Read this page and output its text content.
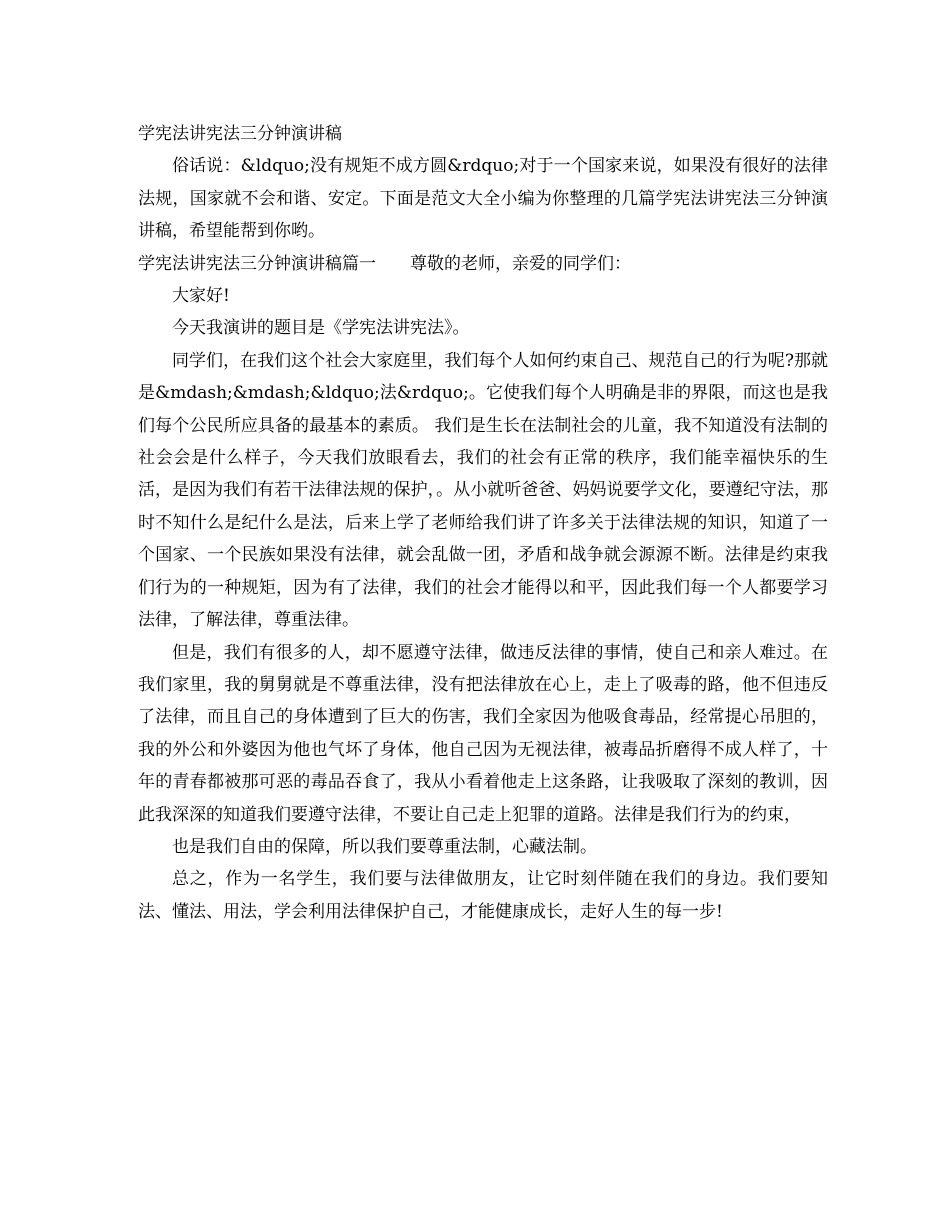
学宪法讲宪法三分钟演讲稿

俗话说：&ldquo;没有规矩不成方圆&rdquo;对于一个国家来说，如果没有很好的法律法规，国家就不会和谐、安定。下面是范文大全小编为你整理的几篇学宪法讲宪法三分钟演讲稿，希望能帮到你哟。

学宪法讲宪法三分钟演讲稿篇一 尊敬的老师，亲爱的同学们：

大家好!

今天我演讲的题目是《学宪法讲宪法》。

同学们，在我们这个社会大家庭里，我们每个人如何约束自己、规范自己的行为呢?那就是&mdash;&mdash;&ldquo;法&rdquo;。它使我们每个人明确是非的界限，而这也是我们每个公民所应具备的最基本的素质。 我们是生长在法制社会的儿童，我不知道没有法制的社会会是什么样子，今天我们放眼看去，我们的社会有正常的秩序，我们能幸福快乐的生活，是因为我们有若干法律法规的保护，。从小就听爸爸、妈妈说要学文化，要遵纪守法，那时不知什么是纪什么是法，后来上学了老师给我们讲了许多关于法律法规的知识，知道了一个国家、一个民族如果没有法律，就会乱做一团，矛盾和战争就会源源不断。法律是约束我们行为的一种规矩，因为有了法律，我们的社会才能得以和平，因此我们每一个人都要学习法律，了解法律，尊重法律。

但是，我们有很多的人，却不愿遵守法律，做违反法律的事情，使自己和亲人难过。在我们家里，我的舅舅就是不尊重法律，没有把法律放在心上，走上了吸毒的路，他不但违反了法律，而且自己的身体遭到了巨大的伤害，我们全家因为他吸食毒品，经常提心吊胆的，我的外公和外婆因为他也气坏了身体，他自己因为无视法律，被毒品折磨得不成人样了，十年的青春都被那可恶的毒品吞食了，我从小看着他走上这条路，让我吸取了深刻的教训，因此我深深的知道我们要遵守法律，不要让自己走上犯罪的道路。法律是我们行为的约束，

也是我们自由的保障，所以我们要尊重法制，心藏法制。

总之，作为一名学生，我们要与法律做朋友，让它时刻伴随在我们的身边。我们要知法、懂法、用法，学会利用法律保护自己，才能健康成长，走好人生的每一步!
